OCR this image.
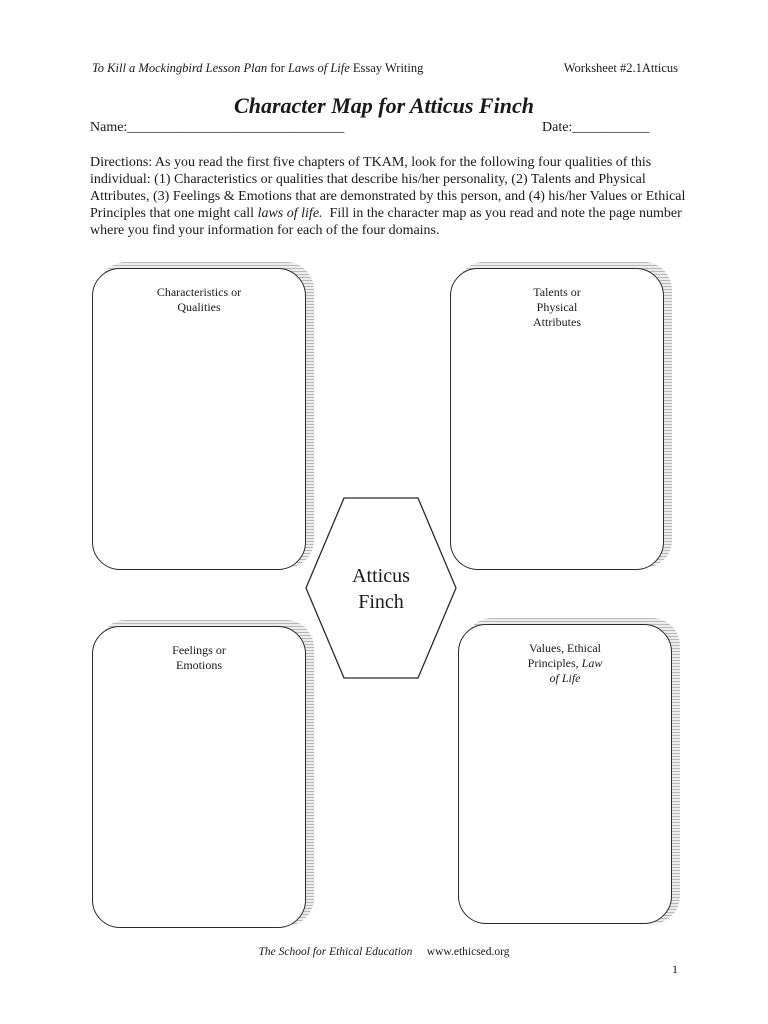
To Kill a Mockingbird Lesson Plan for Laws of Life Essay Writing	Worksheet #2.1Atticus
Character Map for Atticus Finch
Name:_______________________________	Date:___________
Directions: As you read the first five chapters of TKAM, look for the following four qualities of this individual: (1) Characteristics or qualities that describe his/her personality, (2) Talents and Physical Attributes, (3) Feelings & Emotions that are demonstrated by this person, and (4) his/her Values or Ethical Principles that one might call laws of life. Fill in the character map as you read and note the page number where you find your information for each of the four domains.
Characteristics or
Qualities
Talents or
Physical
Attributes
Feelings or
Emotions
Values, Ethical
Principles, Law
of Life
Atticus
Finch
The School for Ethical Education www.ethicsed.org
1
